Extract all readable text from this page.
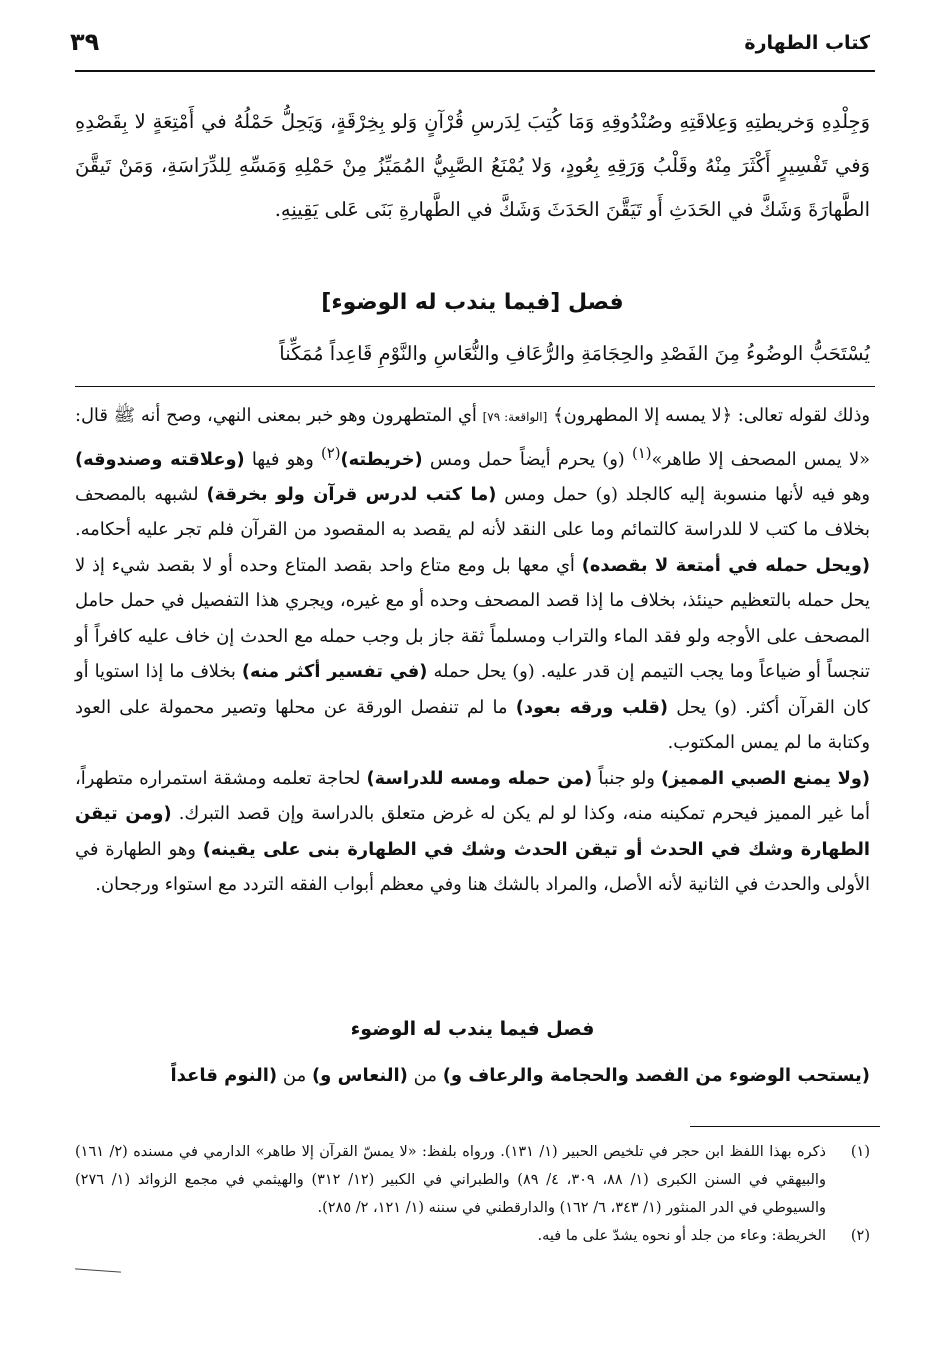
كتاب الطهارة
٣٩

وَجِلْدِهِ وَخريطتِهِ وَعِلاقَتِهِ وصُنْدُوقِهِ وَمَا كُتِبَ لِدَرسِ قُرْآنٍ وَلو بِخِرْقَةٍ، وَيَحِلُّ حَمْلُهُ في أَمْتِعَةٍ لا بِقَصْدِهِ وَفي تَفْسِيرٍ أَكْثَرَ مِنْهُ وقَلْبُ وَرَقِهِ بِعُودٍ، وَلا يُمْنَعُ الصَّبِيُّ المُمَيِّزُ مِنْ حَمْلِهِ وَمَسِّهِ لِلدِّرَاسَةِ، وَمَنْ تَيقَّنَ الطَّهارَةَ وَشَكَّ في الحَدَثِ أَو تَيَقَّنَ الحَدَثَ وَشَكَّ في الطَّهارةِ بَنَى عَلى يَقِينِهِ.

فصل [فيما يندب له الوضوء]
يُسْتَحَبُّ الوضُوءُ مِنَ الفَصْدِ والحِجَامَةِ والرُّعَافِ والنُّعَاسِ والنَّوْمِ قَاعِداً مُمَكِّناً

وذلك لقوله تعالى: ﴿لا يمسه إلا المطهرون﴾ [الواقعة: ٧٩] أي المتطهرون وهو خبر بمعنى النهي، وصح أنه ﷺ قال: «لا يمس المصحف إلا طاهر»$^{(١)}$ (و) يحرم أيضاً حمل ومس (خريطته)$^{(٢)}$ وهو فيها (وعلاقته وصندوقه) وهو فيه لأنها منسوبة إليه كالجلد (و) حمل ومس (ما كتب لدرس قرآن ولو بخرقة) لشبهه بالمصحف بخلاف ما كتب لا للدراسة كالتمائم وما على النقد لأنه لم يقصد به المقصود من القرآن فلم تجر عليه أحكامه. (ويحل حمله في أمتعة لا بقصده) أي معها بل ومع متاع واحد بقصد المتاع وحده أو لا بقصد شيء إذ لا يحل حمله بالتعظيم حينئذ، بخلاف ما إذا قصد المصحف وحده أو مع غيره، ويجري هذا التفصيل في حمل حامل المصحف على الأوجه ولو فقد الماء والتراب ومسلماً ثقة جاز بل وجب حمله مع الحدث إن خاف عليه كافراً أو تنجساً أو ضياعاً وما يجب التيمم إن قدر عليه. (و) يحل حمله (في تفسير أكثر منه) بخلاف ما إذا استويا أو كان القرآن أكثر. (و) يحل (قلب ورقه بعود) ما لم تنفصل الورقة عن محلها وتصير محمولة على العود وكتابة ما لم يمس المكتوب.

(ولا يمنع الصبي المميز) ولو جنباً (من حمله ومسه للدراسة) لحاجة تعلمه ومشقة استمراره متطهراً، أما غير المميز فيحرم تمكينه منه، وكذا لو لم يكن له غرض متعلق بالدراسة وإن قصد التبرك. (ومن تيقن الطهارة وشك في الحدث أو تيقن الحدث وشك في الطهارة بنى على يقينه) وهو الطهارة في الأولى والحدث في الثانية لأنه الأصل، والمراد بالشك هنا وفي معظم أبواب الفقه التردد مع استواء ورجحان.

فصل فيما يندب له الوضوء
(يستحب الوضوء من الفصد والحجامة والرعاف و) من (النعاس و) من (النوم قاعداً
(١)
ذكره بهذا اللفظ ابن حجر في تلخيص الحبير (١/ ١٣١). ورواه بلفظ: «لا يمسّ القرآن إلا طاهر» الدارمي في مسنده (٢/ ١٦١) والبيهقي في السنن الكبرى (١/ ٨٨، ٣٠٩، ٤/ ٨٩) والطبراني في الكبير (١٢/ ٣١٢) والهيثمي في مجمع الزوائد (١/ ٢٧٦) والسيوطي في الدر المنثور (١/ ٣٤٣، ٦/ ١٦٢) والدارقطني في سننه (١/ ١٢١، ٢/ ٢٨٥).
(٢)
الخريطة: وعاء من جلد أو نحوه يشدّ على ما فيه.
